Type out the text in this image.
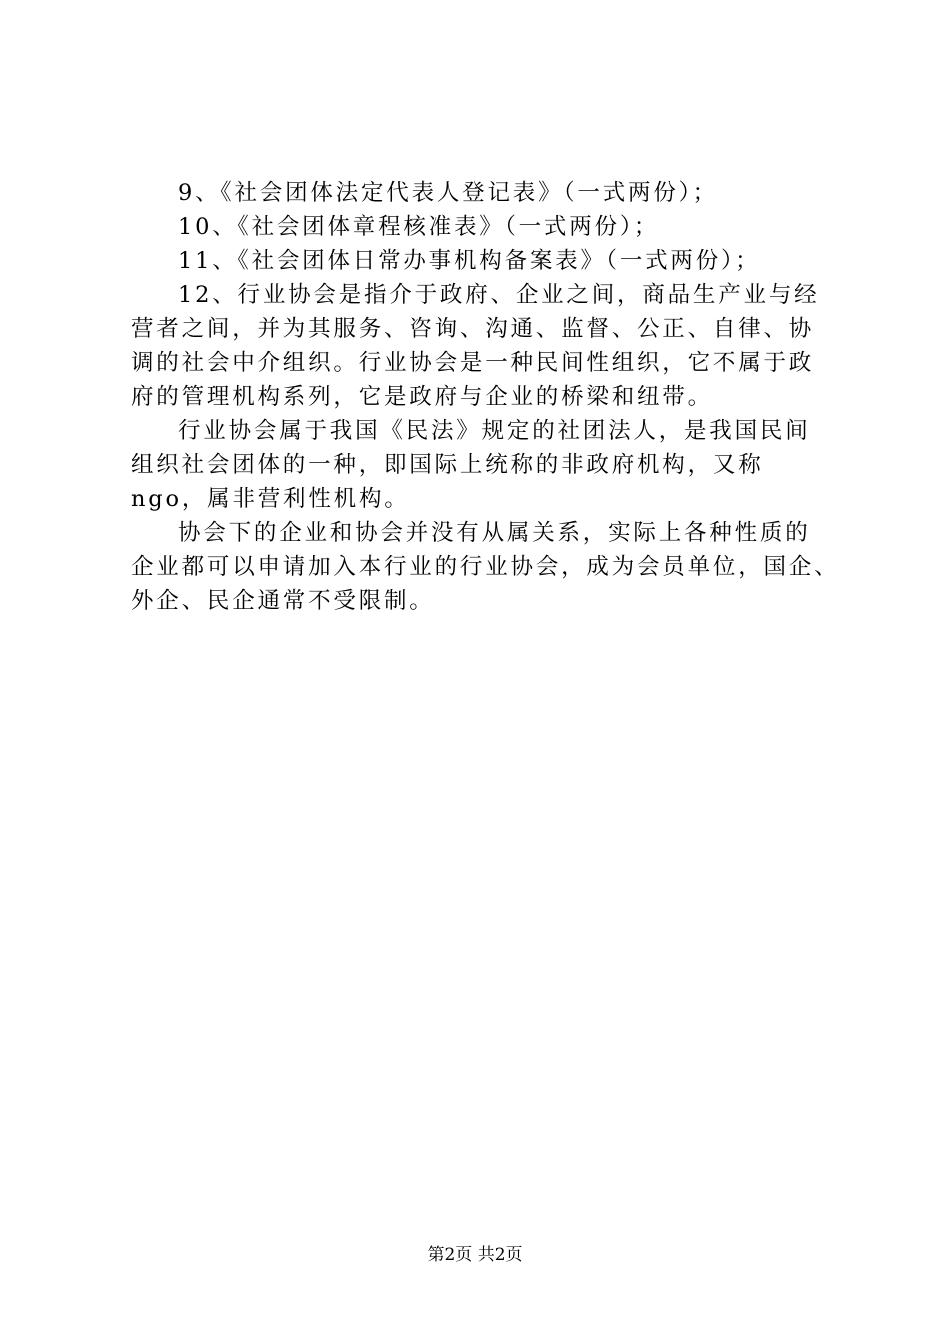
9、《社会团体法定代表人登记表》（一式两份）；
10、《社会团体章程核准表》（一式两份）；
11、《社会团体日常办事机构备案表》（一式两份）；
12、行业协会是指介于政府、企业之间，商品生产业与经
营者之间，并为其服务、咨询、沟通、监督、公正、自律、协
调的社会中介组织。行业协会是一种民间性组织，它不属于政
府的管理机构系列，它是政府与企业的桥梁和纽带。
行业协会属于我国《民法》规定的社团法人，是我国民间
组织社会团体的一种，即国际上统称的非政府机构，又称
ngo，属非营利性机构。
协会下的企业和协会并没有从属关系，实际上各种性质的
企业都可以申请加入本行业的行业协会，成为会员单位，国企、
外企、民企通常不受限制。
第2页 共2页
